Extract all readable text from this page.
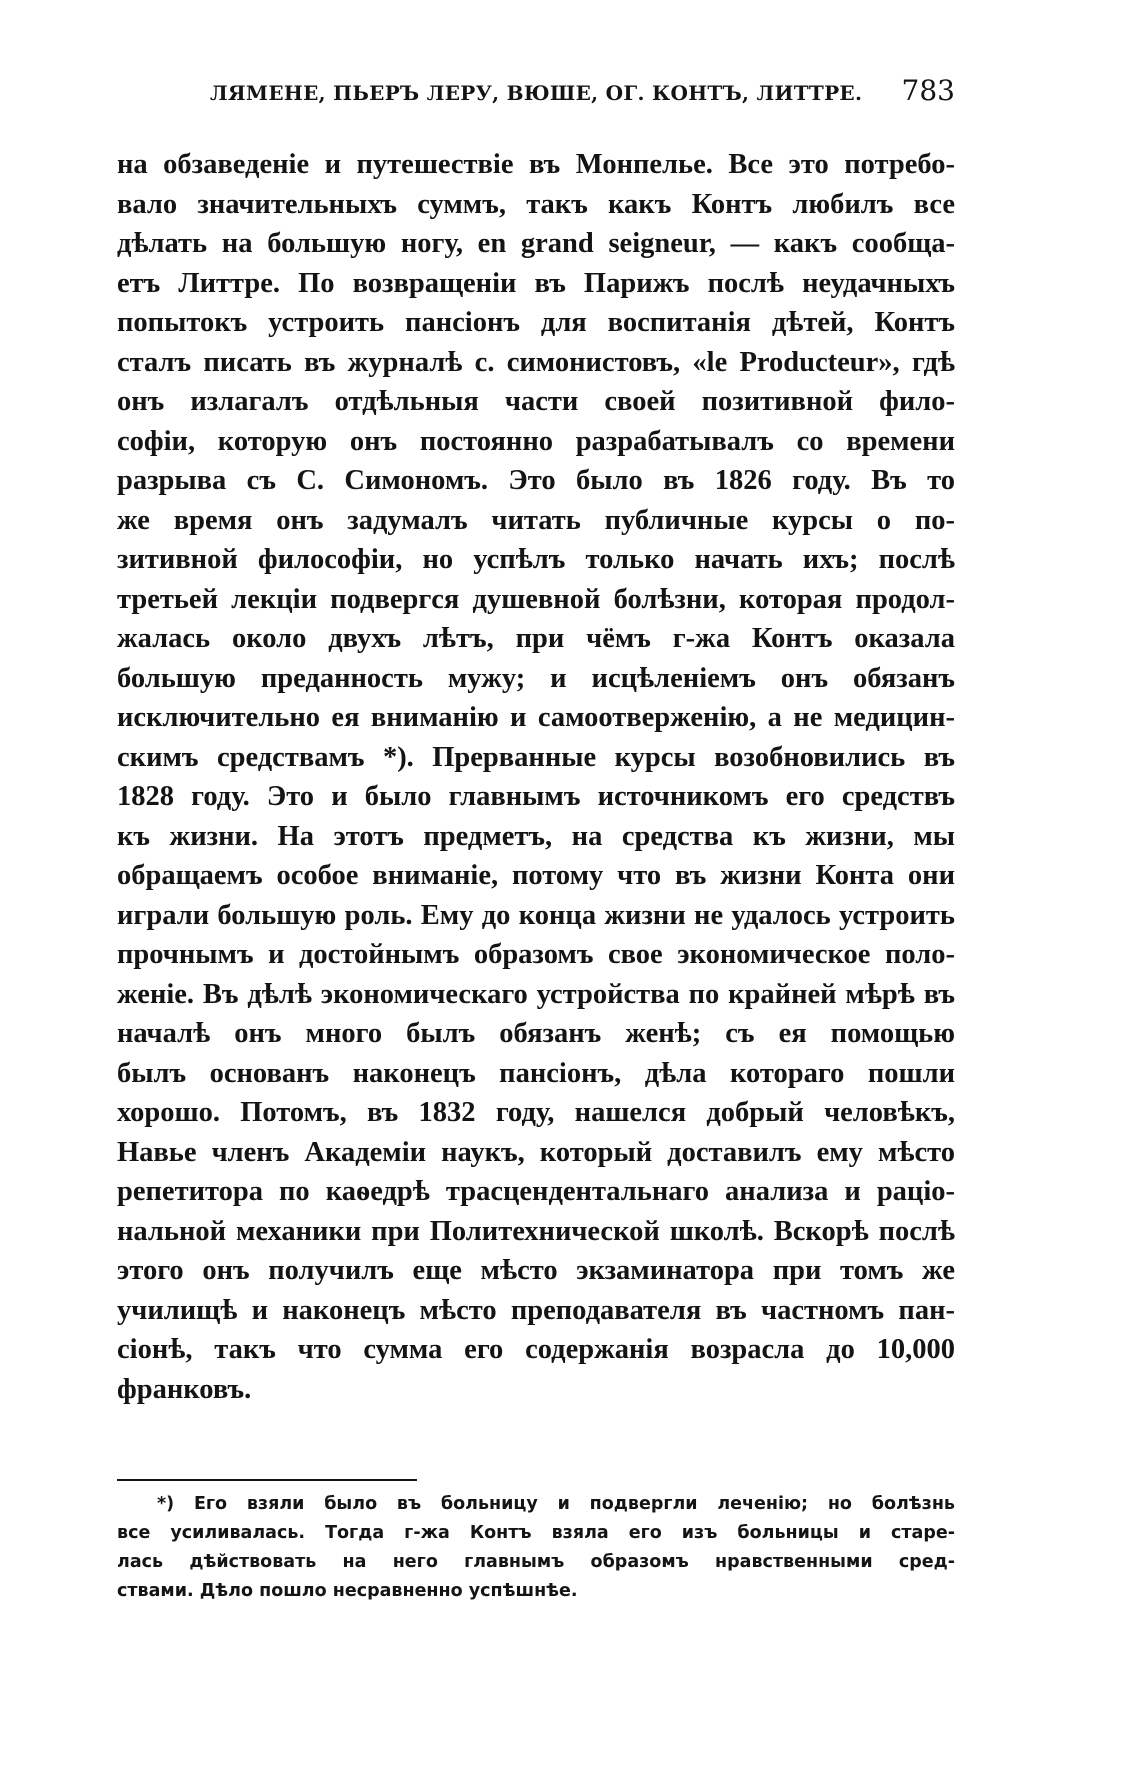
ЛЯМЕНЕ, ПЬЕРЪ ЛЕРУ, ВЮШЕ, ОГ. КОНТЪ, ЛИТТРЕ. 783
на обзаведеніе и путешествіе въ Монпелье. Все это потребо-
вало значительныхъ суммъ, такъ какъ Контъ любилъ все
дѣлать на большую ногу, en grand seigneur, — какъ сообща-
етъ Литтре. По возвращеніи въ Парижъ послѣ неудачныхъ
попытокъ устроить пансіонъ для воспитанія дѣтей, Контъ
сталъ писать въ журналѣ с. симонистовъ, «le Producteur», гдѣ
онъ излагалъ отдѣльныя части своей позитивной фило-
софіи, которую онъ постоянно разрабатывалъ со времени
разрыва съ С. Симономъ. Это было въ 1826 году. Въ то
же время онъ задумалъ читать публичные курсы о по-
зитивной философіи, но успѣлъ только начать ихъ; послѣ
третьей лекціи подвергся душевной болѣзни, которая продол-
жалась около двухъ лѣтъ, при чёмъ г-жа Контъ оказала
большую преданность мужу; и исцѣленіемъ онъ обязанъ
исключительно ея вниманію и самоотверженію, а не медицин-
скимъ средствамъ *). Прерванные курсы возобновились въ
1828 году. Это и было главнымъ источникомъ его средствъ
къ жизни. На этотъ предметъ, на средства къ жизни, мы
обращаемъ особое вниманіе, потому что въ жизни Конта они
играли большую роль. Ему до конца жизни не удалось устроить
прочнымъ и достойнымъ образомъ свое экономическое поло-
женіе. Въ дѣлѣ экономическаго устройства по крайней мѣрѣ въ
началѣ онъ много былъ обязанъ женѣ; съ ея помощью
былъ основанъ наконецъ пансіонъ, дѣла котораго пошли
хорошо. Потомъ, въ 1832 году, нашелся добрый человѣкъ,
Навье членъ Академіи наукъ, который доставилъ ему мѣсто
репетитора по каѳедрѣ трасцендентальнаго анализа и раціо-
нальной механики при Политехнической школѣ. Вскорѣ послѣ
этого онъ получилъ еще мѣсто экзаминатора при томъ же
училищѣ и наконецъ мѣсто преподавателя въ частномъ пан-
сіонѣ, такъ что сумма его содержанія возрасла до 10,000
франковъ.
*) Его взяли было въ больницу и подвергли леченію; но болѣзнь
все усиливалась. Тогда г-жа Контъ взяла его изъ больницы и старе-
лась дѣйствовать на него главнымъ образомъ нравственными сред-
ствами. Дѣло пошло несравненно успѣшнѣе.
